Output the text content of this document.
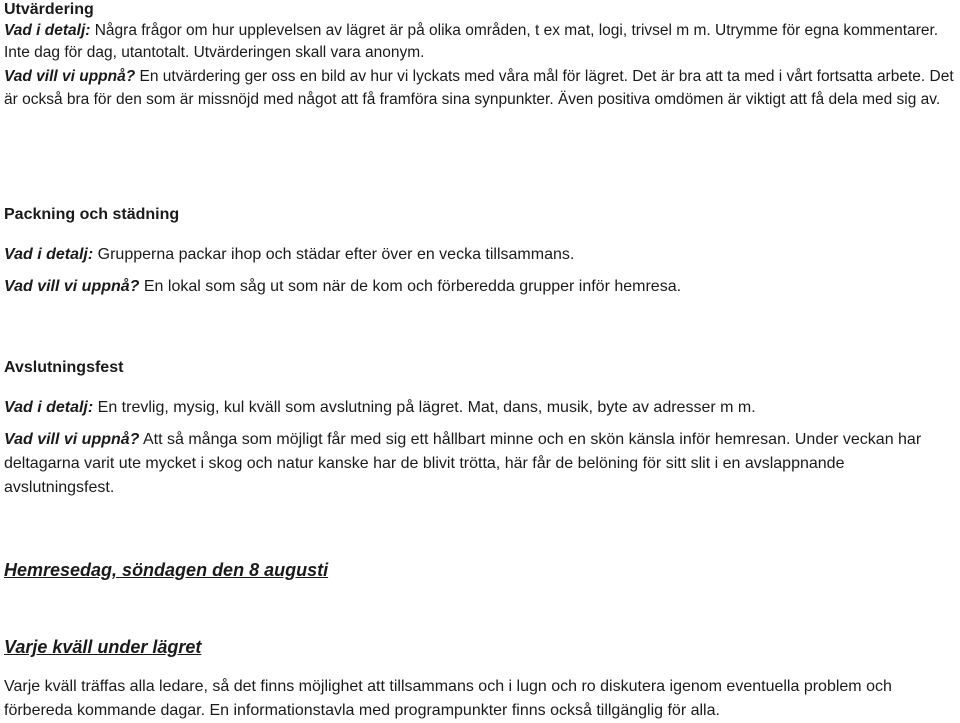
Utvärdering

Vad i detalj: Några frågor om hur upplevelsen av lägret är på olika områden, t ex mat, logi, trivsel m m. Utrymme för egna kommentarer. Inte dag för dag, utantotalt. Utvärderingen skall vara anonym.

Vad vill vi uppnå? En utvärdering ger oss en bild av hur vi lyckats med våra mål för lägret. Det är bra att ta med i vårt fortsatta arbete. Det är också bra för den som är missnöjd med något att få framföra sina synpunkter. Även positiva omdömen är viktigt att få dela med sig av.

Packning och städning

Vad i detalj: Grupperna packar ihop och städar efter över en vecka tillsammans.

Vad vill vi uppnå? En lokal som såg ut som när de kom och förberedda grupper inför hemresa.

Avslutningsfest

Vad i detalj: En trevlig, mysig, kul kväll som avslutning på lägret. Mat, dans, musik, byte av adresser m m.

Vad vill vi uppnå? Att så många som möjligt får med sig ett hållbart minne och en skön känsla inför hemresan. Under veckan har deltagarna varit ute mycket i skog och natur kanske har de blivit trötta, här får de belöning för sitt slit i en avslappnande avslutningsfest.

Hemresedag, söndagen den 8 augusti
Varje kväll under lägret

Varje kväll träffas alla ledare, så det finns möjlighet att tillsammans och i lugn och ro diskutera igenom eventuella problem och förbereda kommande dagar. En informationstavla med programpunkter finns också tillgänglig för alla.
